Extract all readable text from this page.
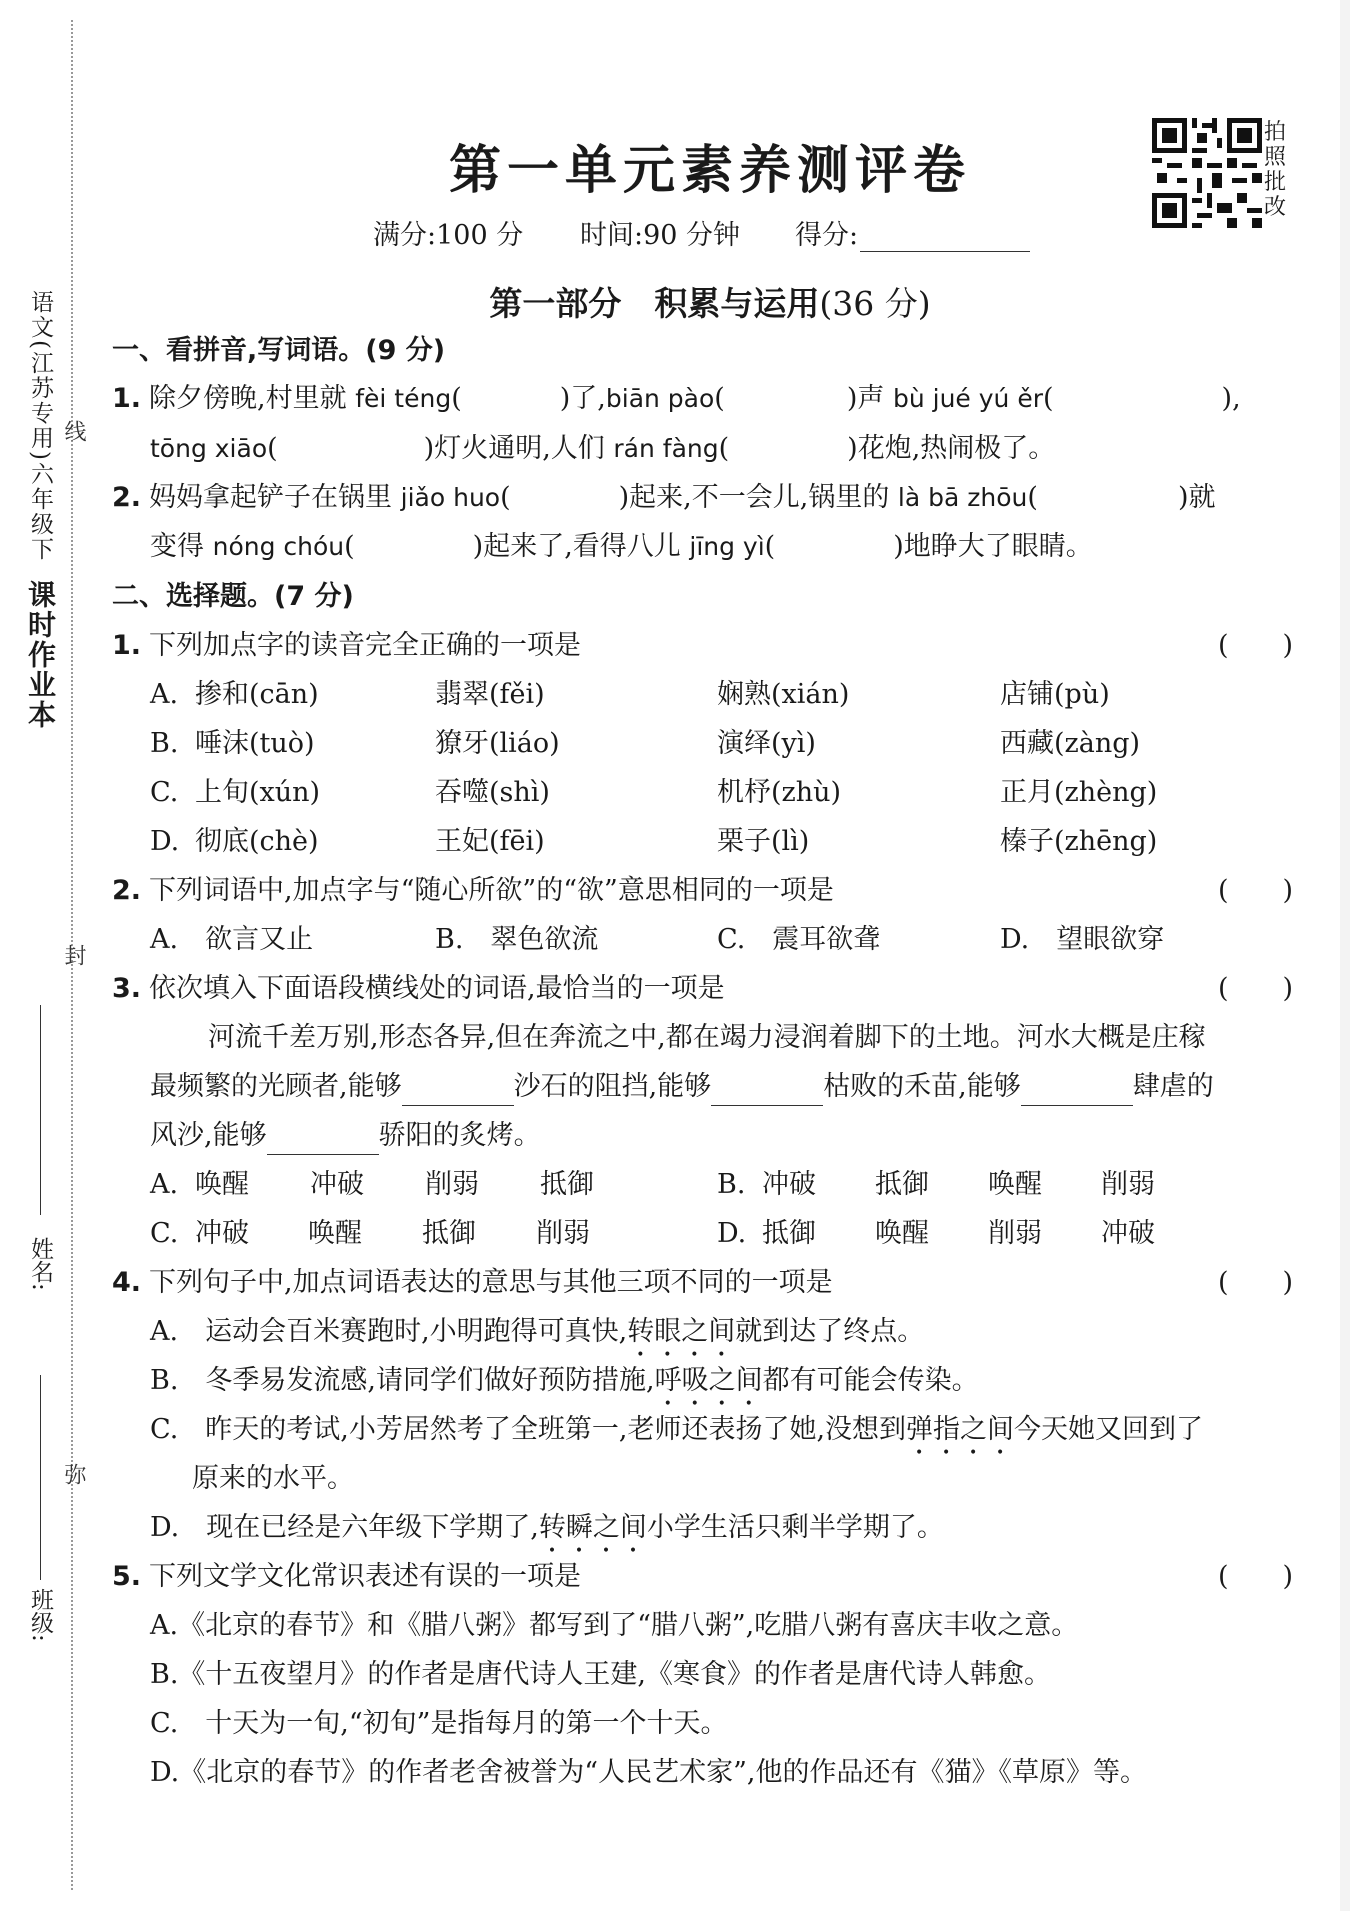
语文(江苏专用)六年级下
课时作业本
线
封
弥
姓名:
班级:
第一单元素养测评卷
满分:100 分 时间:90 分钟 得分:
拍
照
批
改
第一部分　积累与运用(36 分)
一、看拼音,写词语。(9 分)
1. 除夕傍晚,村里就 fèi téng(	)了,biān pào(	)声 bù jué yú ěr(	),
tōng xiāo(	)灯火通明,人们 rán fàng(	)花炮,热闹极了。
2. 妈妈拿起铲子在锅里 jiǎo huo(	)起来,不一会儿,锅里的 là bā zhōu(	)就
变得 nóng chóu(	)起来了,看得八儿 jīng yì(	)地睁大了眼睛。
二、选择题。(7 分)
1. 下列加点字的读音完全正确的一项是	(　　)
A. 掺和(cān)	翡翠(fěi)	娴熟(xián)	店铺(pù)
B. 唾沫(tuò)	獠牙(liáo)	演绎(yì)	西藏(zàng)
C. 上旬(xún)	吞噬(shì)	机杼(zhù)	正月(zhèng)
D. 彻底(chè)	王妃(fēi)	栗子(lì)	榛子(zhēng)
2. 下列词语中,加点字与“随心所欲”的“欲”意思相同的一项是	(　　)
A.　欲言又止	B.　翠色欲流	C.　震耳欲聋	D.　望眼欲穿
3. 依次填入下面语段横线处的词语,最恰当的一项是	(　　)
河流千差万别,形态各异,但在奔流之中,都在竭力浸润着脚下的土地。河水大概是庄稼
最频繁的光顾者,能够	沙石的阻挡,能够	枯败的禾苗,能够	肆虐的
风沙,能够	骄阳的炙烤。
A. 唤醒 冲破 削弱 抵御	B. 冲破 抵御 唤醒 削弱
C. 冲破 唤醒 抵御 削弱	D. 抵御 唤醒 削弱 冲破
4. 下列句子中,加点词语表达的意思与其他三项不同的一项是	(　　)
A.　运动会百米赛跑时,小明跑得可真快,转眼之间就到达了终点。
B.　冬季易发流感,请同学们做好预防措施,呼吸之间都有可能会传染。
C.　昨天的考试,小芳居然考了全班第一,老师还表扬了她,没想到弹指之间今天她又回到了
原来的水平。
D.　现在已经是六年级下学期了,转瞬之间小学生活只剩半学期了。
5. 下列文学文化常识表述有误的一项是	(　　)
A.《北京的春节》和《腊八粥》都写到了“腊八粥”,吃腊八粥有喜庆丰收之意。
B.《十五夜望月》的作者是唐代诗人王建,《寒食》的作者是唐代诗人韩愈。
C.　十天为一旬,“初旬”是指每月的第一个十天。
D.《北京的春节》的作者老舍被誉为“人民艺术家”,他的作品还有《猫》《草原》等。
